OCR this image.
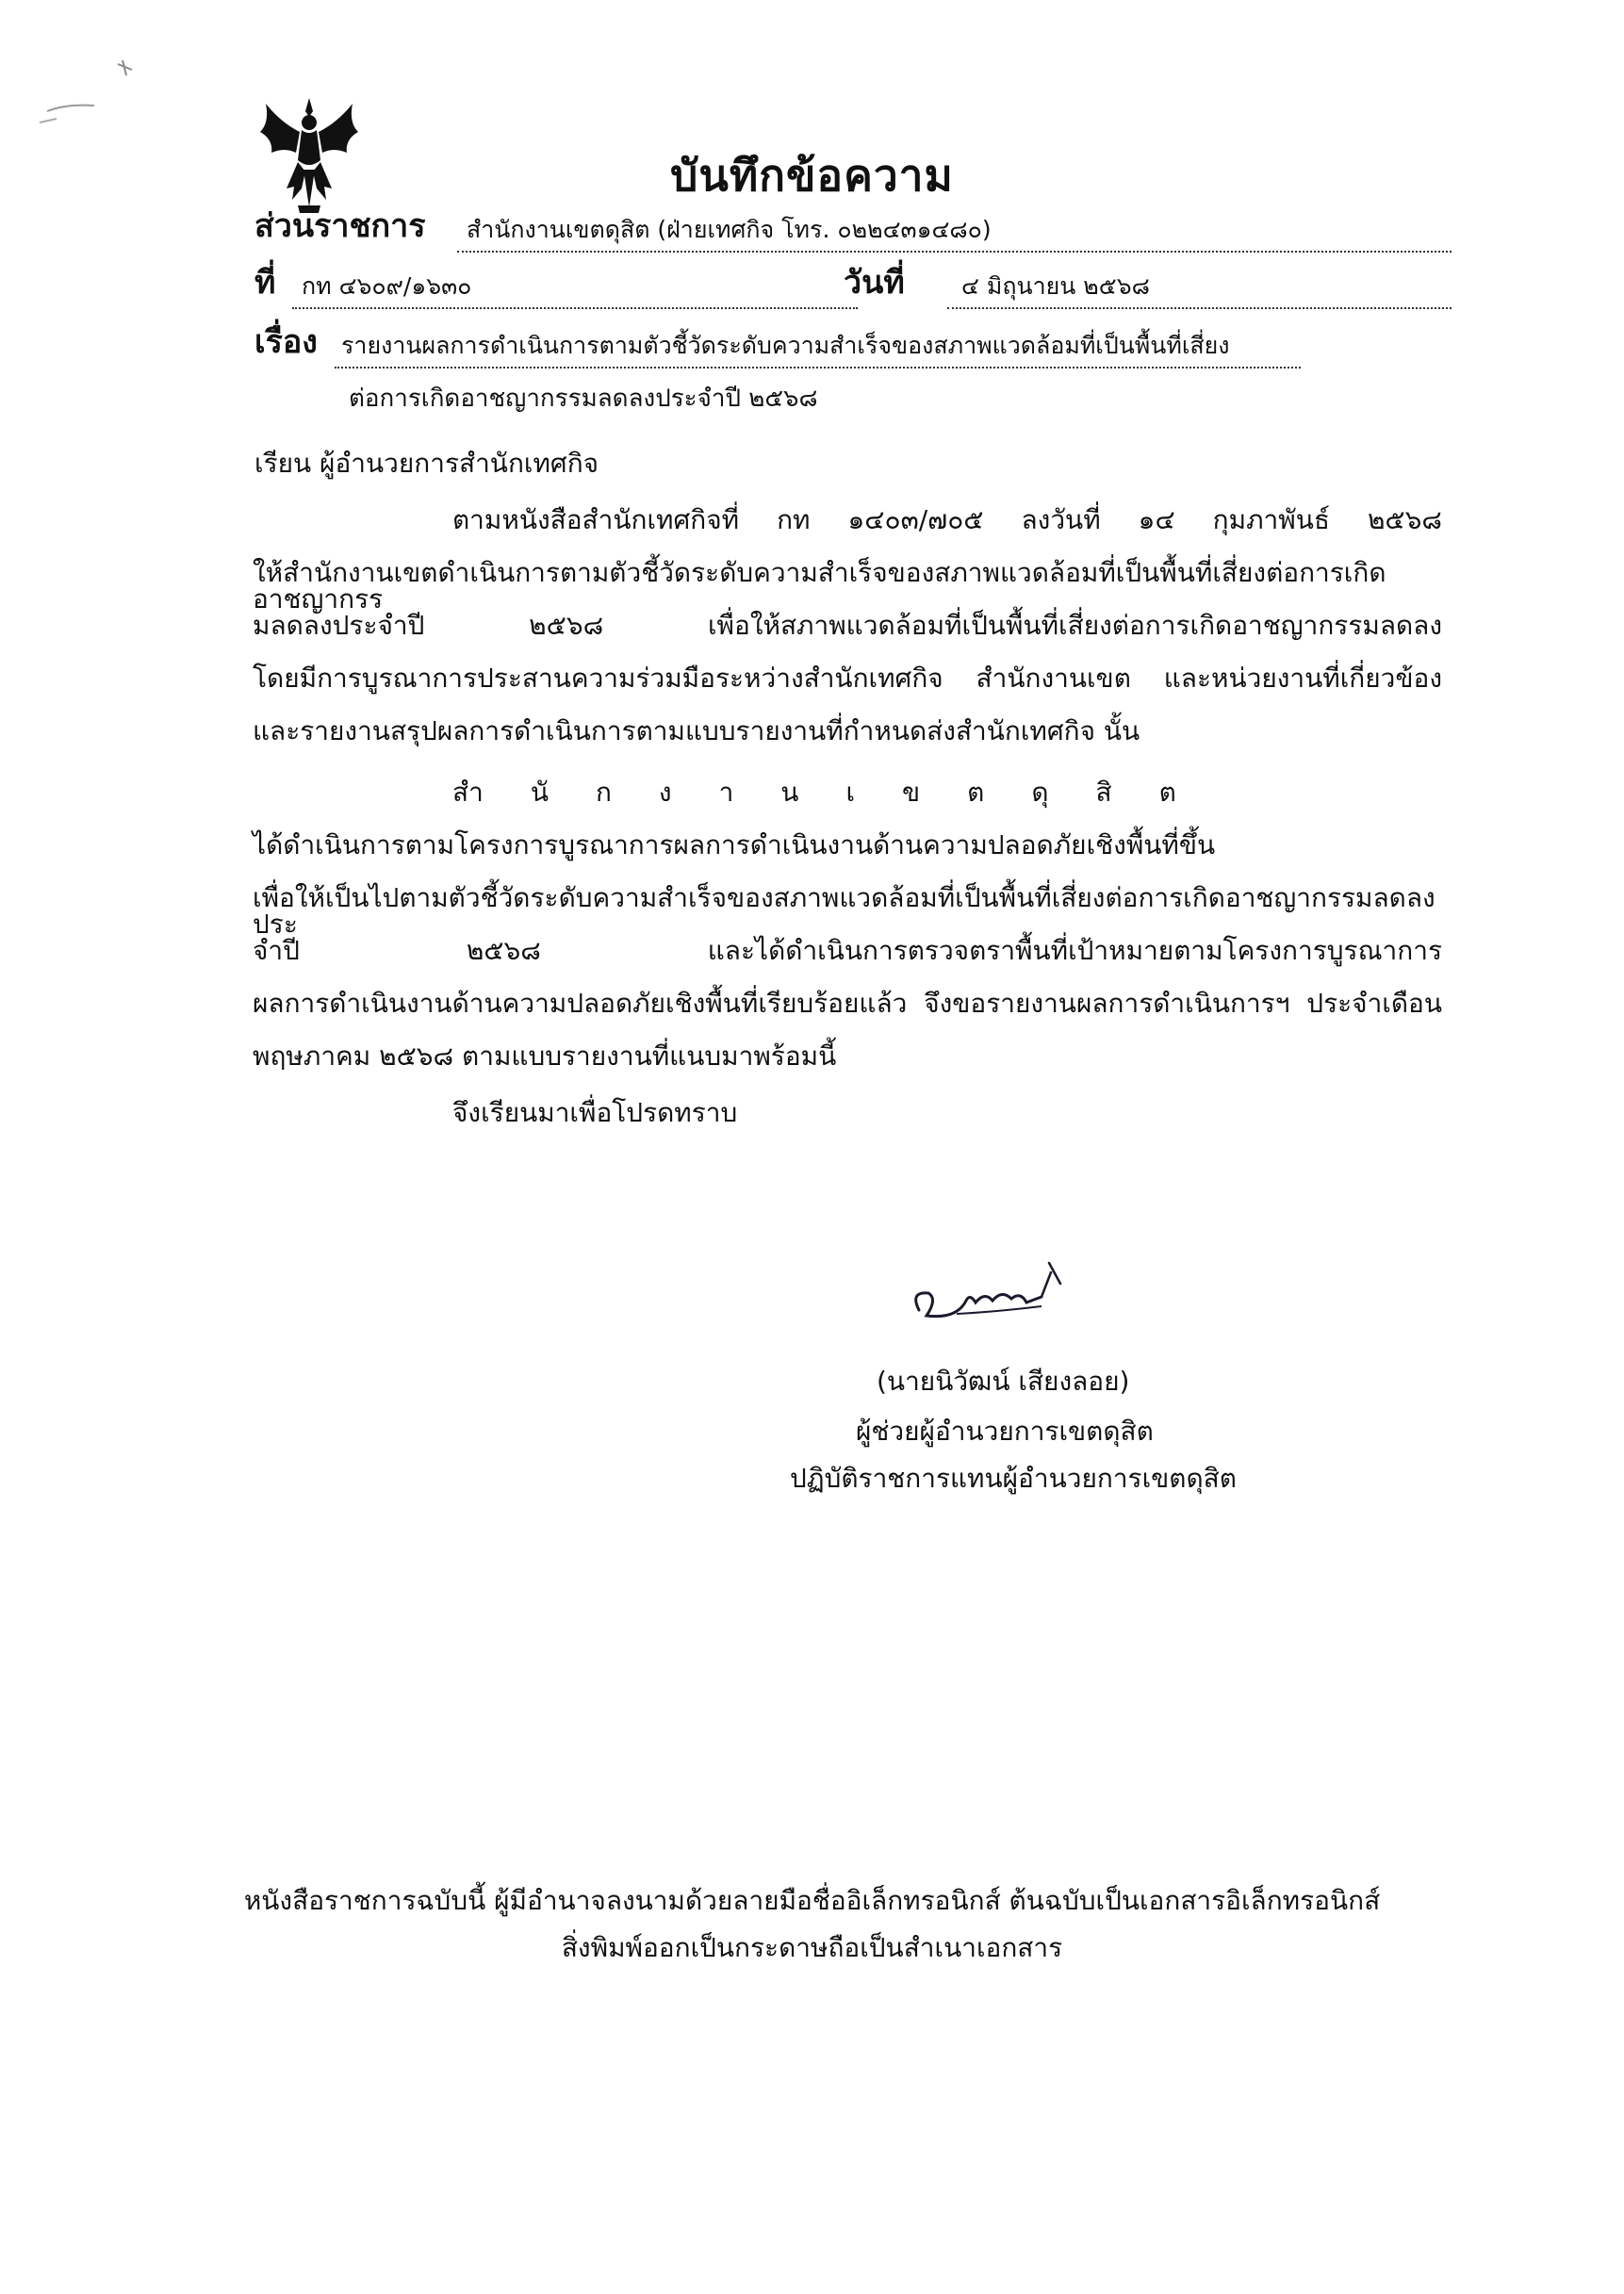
บันทึกข้อความ
ส่วนราชการ สำนักงานเขตดุสิต (ฝ่ายเทศกิจ โทร. ๐๒๒๔๓๑๔๘๐)
ที่ กท ๔๖๐๙/๑๖๓๐	วันที่ ๔ มิถุนายน ๒๕๖๘
เรื่อง รายงานผลการดำเนินการตามตัวชี้วัดระดับความสำเร็จของสภาพแวดล้อมที่เป็นพื้นที่เสี่ยง
ต่อการเกิดอาชญากรรมลดลงประจำปี ๒๕๖๘
เรียน ผู้อำนวยการสำนักเทศกิจ
ตามหนังสือสำนักเทศกิจที่ กท ๑๔๐๓/๗๐๕ ลงวันที่ ๑๔ กุมภาพันธ์ ๒๕๖๘
ให้สำนักงานเขตดำเนินการตามตัวชี้วัดระดับความสำเร็จของสภาพแวดล้อมที่เป็นพื้นที่เสี่ยงต่อการเกิดอาชญากรร
มลดลงประจำปี ๒๕๖๘ เพื่อให้สภาพแวดล้อมที่เป็นพื้นที่เสี่ยงต่อการเกิดอาชญากรรมลดลง
โดยมีการบูรณาการประสานความร่วมมือระหว่างสำนักเทศกิจ สำนักงานเขต และหน่วยงานที่เกี่ยวข้อง
และรายงานสรุปผลการดำเนินการตามแบบรายงานที่กำหนดส่งสำนักเทศกิจ นั้น
สำนักงานเขตดุสิต
ได้ดำเนินการตามโครงการบูรณาการผลการดำเนินงานด้านความปลอดภัยเชิงพื้นที่ขึ้น
เพื่อให้เป็นไปตามตัวชี้วัดระดับความสำเร็จของสภาพแวดล้อมที่เป็นพื้นที่เสี่ยงต่อการเกิดอาชญากรรมลดลงประ
จำปี ๒๕๖๘ และได้ดำเนินการตรวจตราพื้นที่เป้าหมายตามโครงการบูรณาการ
ผลการดำเนินงานด้านความปลอดภัยเชิงพื้นที่เรียบร้อยแล้ว จึงขอรายงานผลการดำเนินการฯ ประจำเดือน
พฤษภาคม ๒๕๖๘ ตามแบบรายงานที่แนบมาพร้อมนี้
จึงเรียนมาเพื่อโปรดทราบ
(นายนิวัฒน์ เสียงลอย)
ผู้ช่วยผู้อำนวยการเขตดุสิต
ปฏิบัติราชการแทนผู้อำนวยการเขตดุสิต
หนังสือราชการฉบับนี้ ผู้มีอำนาจลงนามด้วยลายมือชื่ออิเล็กทรอนิกส์ ต้นฉบับเป็นเอกสารอิเล็กทรอนิกส์
สิ่งพิมพ์ออกเป็นกระดาษถือเป็นสำเนาเอกสาร
